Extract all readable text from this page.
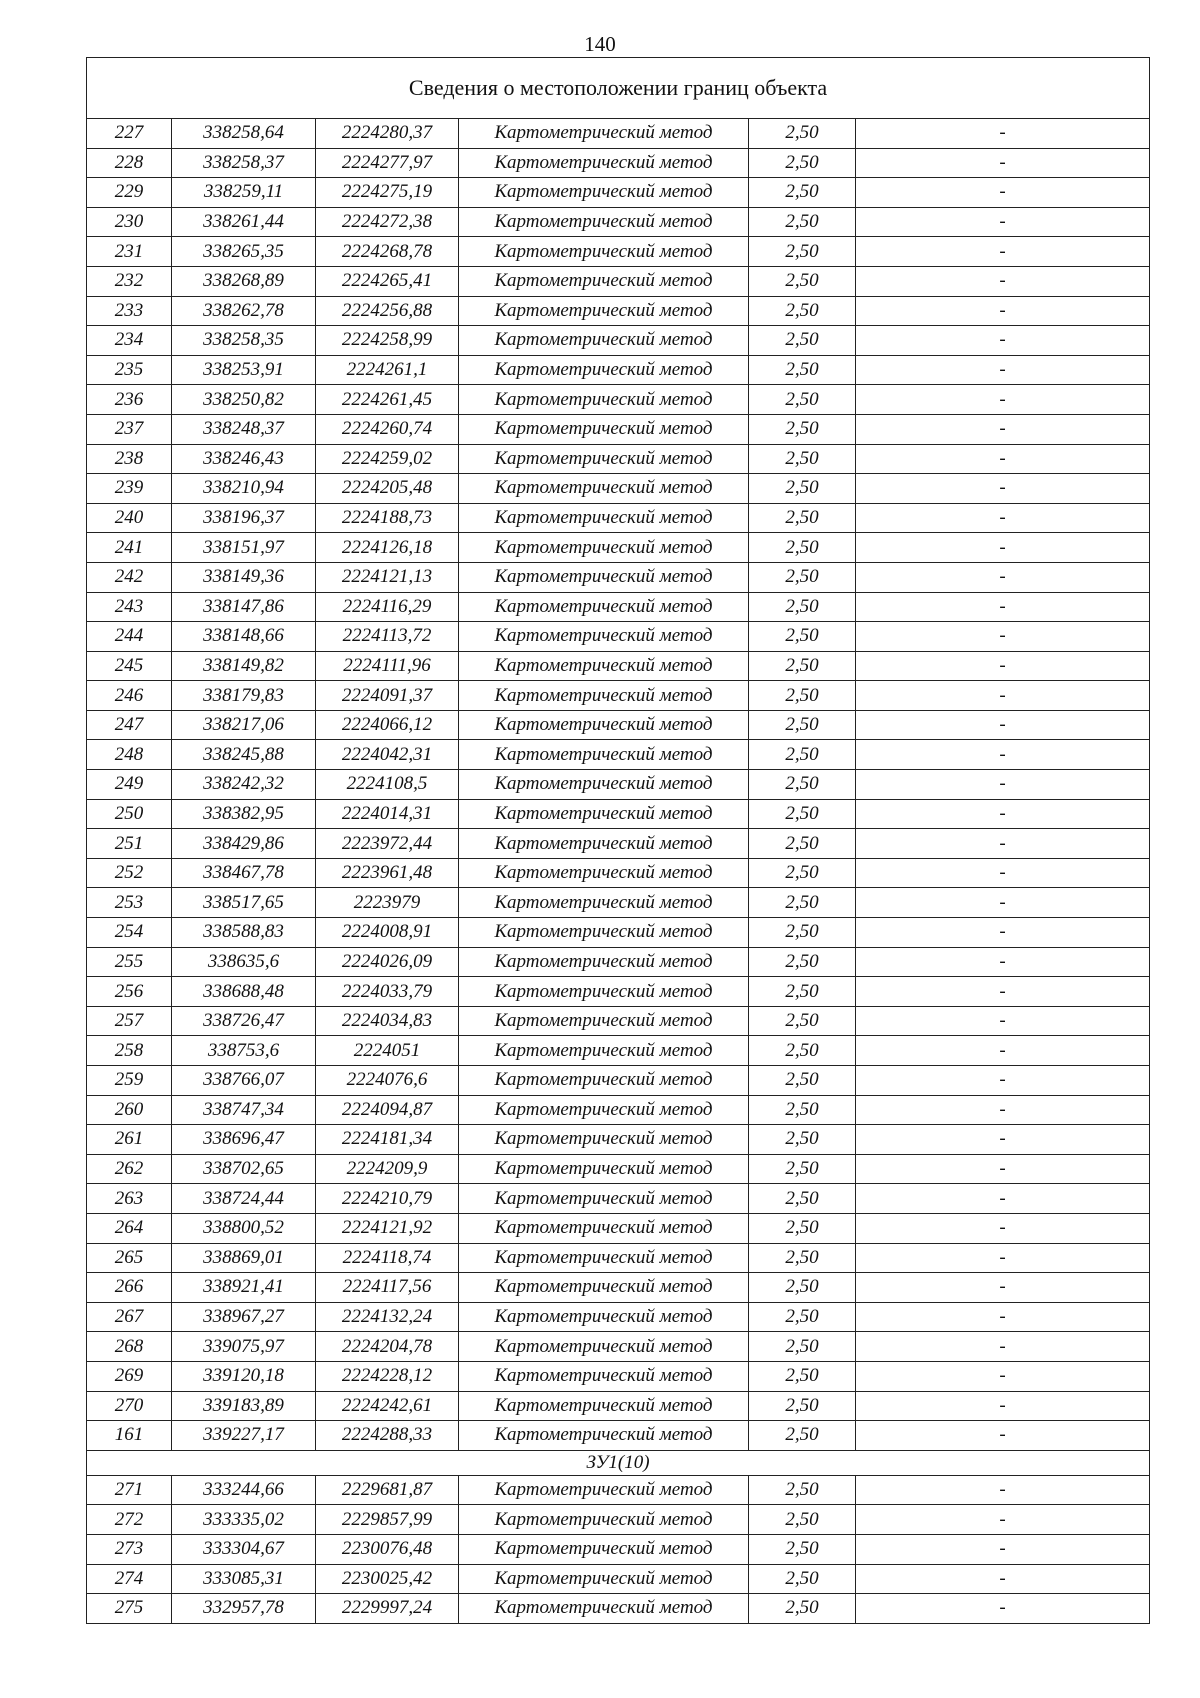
140
Сведения о местоположении границ объекта					
227	338258,64	2224280,37	Картометрический метод	2,50	-
228	338258,37	2224277,97	Картометрический метод	2,50	-
229	338259,11	2224275,19	Картометрический метод	2,50	-
230	338261,44	2224272,38	Картометрический метод	2,50	-
231	338265,35	2224268,78	Картометрический метод	2,50	-
232	338268,89	2224265,41	Картометрический метод	2,50	-
233	338262,78	2224256,88	Картометрический метод	2,50	-
234	338258,35	2224258,99	Картометрический метод	2,50	-
235	338253,91	2224261,1	Картометрический метод	2,50	-
236	338250,82	2224261,45	Картометрический метод	2,50	-
237	338248,37	2224260,74	Картометрический метод	2,50	-
238	338246,43	2224259,02	Картометрический метод	2,50	-
239	338210,94	2224205,48	Картометрический метод	2,50	-
240	338196,37	2224188,73	Картометрический метод	2,50	-
241	338151,97	2224126,18	Картометрический метод	2,50	-
242	338149,36	2224121,13	Картометрический метод	2,50	-
243	338147,86	2224116,29	Картометрический метод	2,50	-
244	338148,66	2224113,72	Картометрический метод	2,50	-
245	338149,82	2224111,96	Картометрический метод	2,50	-
246	338179,83	2224091,37	Картометрический метод	2,50	-
247	338217,06	2224066,12	Картометрический метод	2,50	-
248	338245,88	2224042,31	Картометрический метод	2,50	-
249	338242,32	2224108,5	Картометрический метод	2,50	-
250	338382,95	2224014,31	Картометрический метод	2,50	-
251	338429,86	2223972,44	Картометрический метод	2,50	-
252	338467,78	2223961,48	Картометрический метод	2,50	-
253	338517,65	2223979	Картометрический метод	2,50	-
254	338588,83	2224008,91	Картометрический метод	2,50	-
255	338635,6	2224026,09	Картометрический метод	2,50	-
256	338688,48	2224033,79	Картометрический метод	2,50	-
257	338726,47	2224034,83	Картометрический метод	2,50	-
258	338753,6	2224051	Картометрический метод	2,50	-
259	338766,07	2224076,6	Картометрический метод	2,50	-
260	338747,34	2224094,87	Картометрический метод	2,50	-
261	338696,47	2224181,34	Картометрический метод	2,50	-
262	338702,65	2224209,9	Картометрический метод	2,50	-
263	338724,44	2224210,79	Картометрический метод	2,50	-
264	338800,52	2224121,92	Картометрический метод	2,50	-
265	338869,01	2224118,74	Картометрический метод	2,50	-
266	338921,41	2224117,56	Картометрический метод	2,50	-
267	338967,27	2224132,24	Картометрический метод	2,50	-
268	339075,97	2224204,78	Картометрический метод	2,50	-
269	339120,18	2224228,12	Картометрический метод	2,50	-
270	339183,89	2224242,61	Картометрический метод	2,50	-
161	339227,17	2224288,33	Картометрический метод	2,50	-
ЗУ1(10)					
271	333244,66	2229681,87	Картометрический метод	2,50	-
272	333335,02	2229857,99	Картометрический метод	2,50	-
273	333304,67	2230076,48	Картометрический метод	2,50	-
274	333085,31	2230025,42	Картометрический метод	2,50	-
275	332957,78	2229997,24	Картометрический метод	2,50	-
